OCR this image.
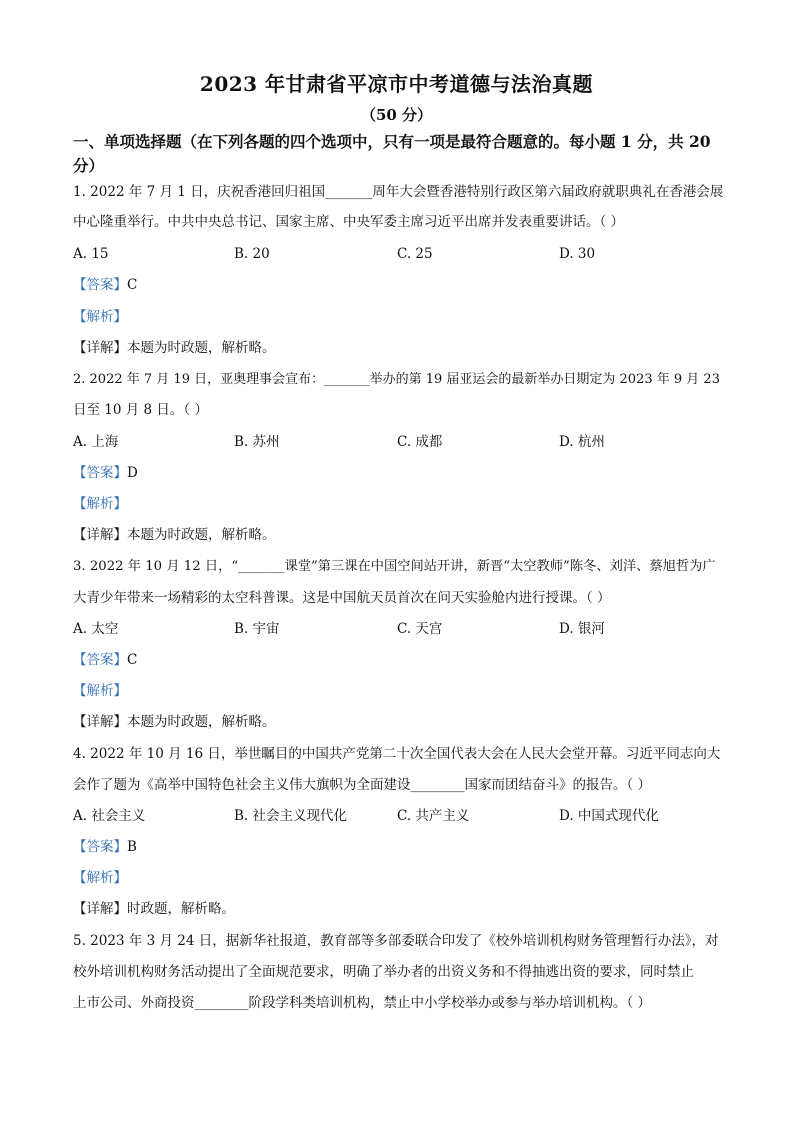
2023 年甘肃省平凉市中考道德与法治真题
（50 分）
一、单项选择题（在下列各题的四个选项中，只有一项是最符合题意的。每小题 1 分，共 20
分）
1. 2022 年 7 月 1 日，庆祝香港回归祖国_______周年大会暨香港特别行政区第六届政府就职典礼在香港会展
中心隆重举行。中共中央总书记、国家主席、中央军委主席习近平出席并发表重要讲话。（ ）
A. 15	B. 20	C. 25	D. 30
【答案】C
【解析】
【详解】本题为时政题，解析略。
2. 2022 年 7 月 19 日，亚奥理事会宣布：_______举办的第 19 届亚运会的最新举办日期定为 2023 年 9 月 23
日至 10 月 8 日。（ ）
A. 上海	B. 苏州	C. 成都	D. 杭州
【答案】D
【解析】
【详解】本题为时政题，解析略。
3. 2022 年 10 月 12 日，“_______课堂”第三课在中国空间站开讲，新晋“太空教师”陈冬、刘洋、蔡旭哲为广
大青少年带来一场精彩的太空科普课。这是中国航天员首次在问天实验舱内进行授课。（ ）
A. 太空	B. 宇宙	C. 天宫	D. 银河
【答案】C
【解析】
【详解】本题为时政题，解析略。
4. 2022 年 10 月 16 日，举世瞩目的中国共产党第二十次全国代表大会在人民大会堂开幕。习近平同志向大
会作了题为《高举中国特色社会主义伟大旗帜为全面建设________国家而团结奋斗》的报告。（ ）
A. 社会主义	B. 社会主义现代化	C. 共产主义	D. 中国式现代化
【答案】B
【解析】
【详解】时政题，解析略。
5. 2023 年 3 月 24 日，据新华社报道，教育部等多部委联合印发了《校外培训机构财务管理暂行办法》，对
校外培训机构财务活动提出了全面规范要求，明确了举办者的出资义务和不得抽逃出资的要求，同时禁止
上市公司、外商投资________阶段学科类培训机构，禁止中小学校举办或参与举办培训机构。（ ）
